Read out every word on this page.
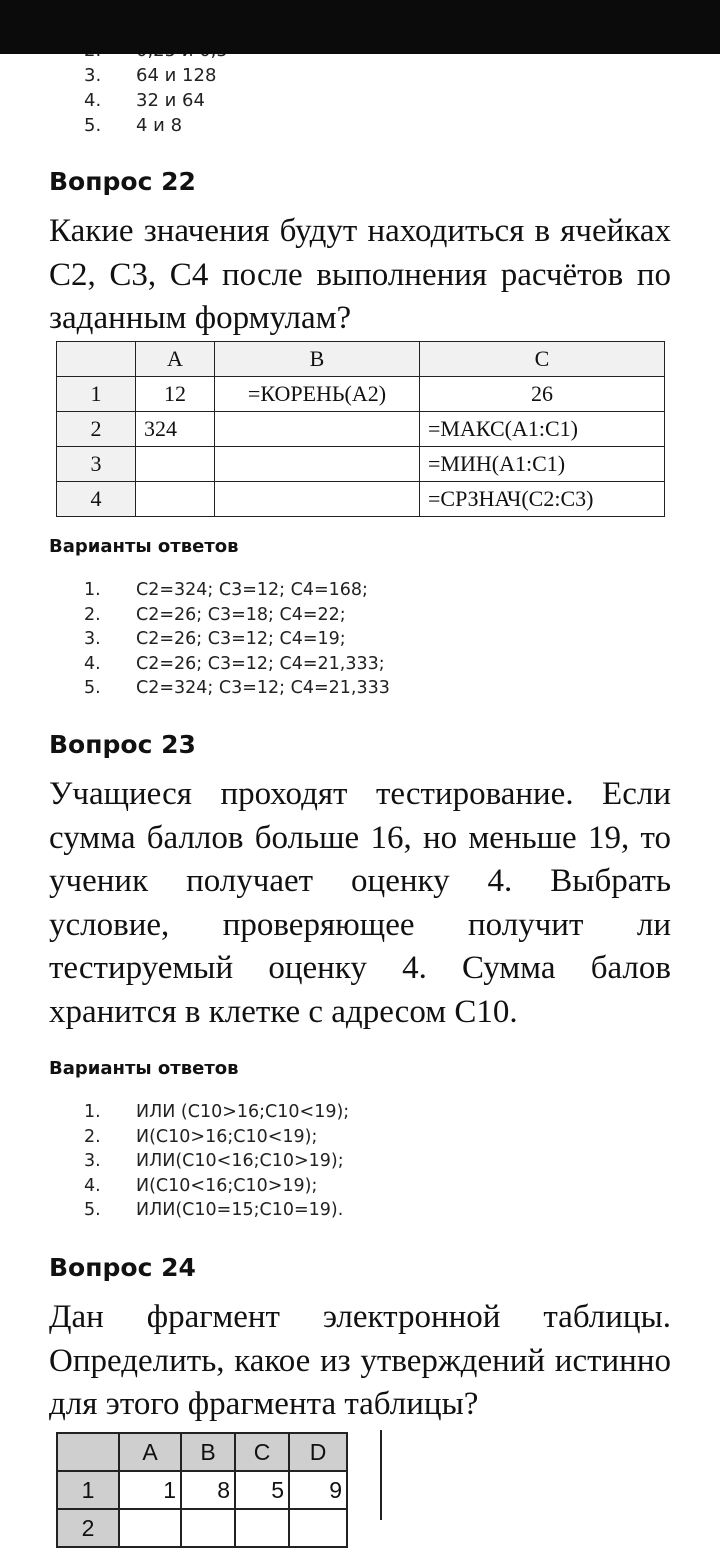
3. 64 и 128
4. 32 и 64
5. 4 и 8
Вопрос 22
Какие значения будут находиться в ячейках С2, С3, С4 после выполнения расчётов по заданным формулам?
	A	B	C
1	12	=КОРЕНЬ(А2)	26
2	324		=МАКС(А1:С1)
3			=МИН(А1:С1)
4			=СРЗНАЧ(С2:С3)
Варианты ответов
1. С2=324; С3=12; С4=168;
2. С2=26; С3=18; С4=22;
3. С2=26; С3=12; С4=19;
4. С2=26; С3=12; С4=21,333;
5. С2=324; С3=12; С4=21,333
Вопрос 23
Учащиеся проходят тестирование. Если сумма баллов больше 16, но меньше 19, то ученик получает оценку 4. Выбрать условие, проверяющее получит ли тестируемый оценку 4. Сумма балов хранится в клетке с адресом С10.
Варианты ответов
1. ИЛИ (С10>16;С10<19);
2. И(С10>16;С10<19);
3. ИЛИ(С10<16;С10>19);
4. И(С10<16;С10>19);
5. ИЛИ(С10=15;С10=19).
Вопрос 24
Дан фрагмент электронной таблицы. Определить, какое из утверждений истинно для этого фрагмента таблицы?
	A	B	C	D
1	1	8	5	9
2				
